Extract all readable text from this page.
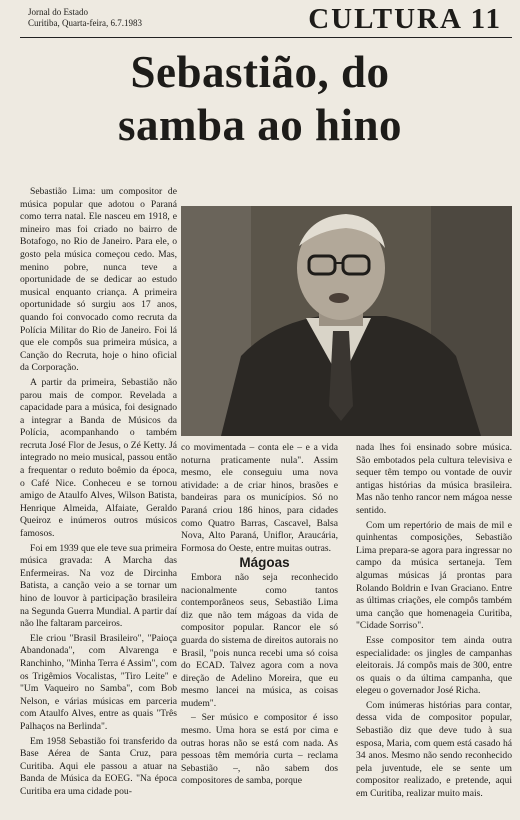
Jornal do Estado
Curitiba, Quarta-feira, 6.7.1983	CULTURA 11
Sebastião, do
samba ao hino

Sebastião Lima: um compositor de música popular que adotou o Paraná como terra natal. Ele nasceu em 1918, e mineiro mas foi criado no bairro de Botafogo, no Rio de Janeiro. Para ele, o gosto pela música começou cedo. Mas, menino pobre, nunca teve a oportunidade de se dedicar ao estudo musical enquanto criança. A primeira oportunidade só surgiu aos 17 anos, quando foi convocado como recruta da Polícia Militar do Rio de Janeiro. Foi lá que ele compôs sua primeira música, a Canção do Recruta, hoje o hino oficial da Corporação.

A partir da primeira, Sebastião não parou mais de compor. Revelada a capacidade para a música, foi designado a integrar a Banda de Músicos da Polícia, acompanhando o também recruta José Flor de Jesus, o Zé Ketty. Já integrado no meio musical, passou então a frequentar o reduto boêmio da época, o Café Nice. Conheceu e se tornou amigo de Ataulfo Alves, Wilson Batista, Henrique Almeida, Alfaiate, Geraldo Queiroz e inúmeros outros músicos famosos.

Foi em 1939 que ele teve sua primeira música gravada: A Marcha das Enfermeiras. Na voz de Dircinha Batista, a canção veio a se tornar um hino de louvor à participação brasileira na Segunda Guerra Mundial. A partir daí não lhe faltaram parceiros.

Ele criou "Brasil Brasileiro", "Paioça Abandonada", com Alvarenga e Ranchinho, "Minha Terra é Assim", com os Trigêmios Vocalistas, "Tiro Leite" e "Um Vaqueiro no Samba", com Bob Nelson, e várias músicas em parceria com Ataulfo Alves, entre as quais "Três Palhaços na Berlinda".

Em 1958 Sebastião foi transferido da Base Aérea de Santa Cruz, para Curitiba. Aqui ele passou a atuar na Banda de Música da EOEG. "Na época Curitiba era uma cidade pou-

co movimentada – conta ele – e a vida noturna praticamente nula". Assim mesmo, ele conseguiu uma nova atividade: a de criar hinos, brasões e bandeiras para os municípios. Só no Paraná criou 186 hinos, para cidades como Quatro Barras, Cascavel, Balsa Nova, Alto Paraná, Uniflor, Araucária, Formosa do Oeste, entre muitas outras.

Mágoas

Embora não seja reconhecido nacionalmente como tantos contemporâneos seus, Sebastião Lima diz que não tem mágoas da vida de compositor popular. Rancor ele só guarda do sistema de direitos autorais no Brasil, "pois nunca recebi uma só coisa do ECAD. Talvez agora com a nova direção de Adelino Moreira, que eu mesmo lancei na música, as coisas mudem".

– Ser músico e compositor é isso mesmo. Uma hora se está por cima e outras horas não se está com nada. As pessoas têm memória curta – reclama Sebastião –, não sabem dos compositores de samba, porque

nada lhes foi ensinado sobre música. São embotados pela cultura televisiva e sequer têm tempo ou vontade de ouvir antigas histórias da música brasileira. Mas não tenho rancor nem mágoa nesse sentido.

Com um repertório de mais de mil e quinhentas composições, Sebastião Lima prepara-se agora para ingressar no campo da música sertaneja. Tem algumas músicas já prontas para Rolando Boldrin e Ivan Graciano. Entre as últimas criações, ele compôs também uma canção que homenageia Curitiba, "Cidade Sorriso".

Esse compositor tem ainda outra especialidade: os jingles de campanhas eleitorais. Já compôs mais de 300, entre os quais o da última campanha, que elegeu o governador José Richa.

Com inúmeras histórias para contar, dessa vida de compositor popular, Sebastião diz que deve tudo à sua esposa, Maria, com quem está casado há 34 anos. Mesmo não sendo reconhecido pela juventude, ele se sente um compositor realizado, e pretende, aqui em Curitiba, realizar muito mais.
